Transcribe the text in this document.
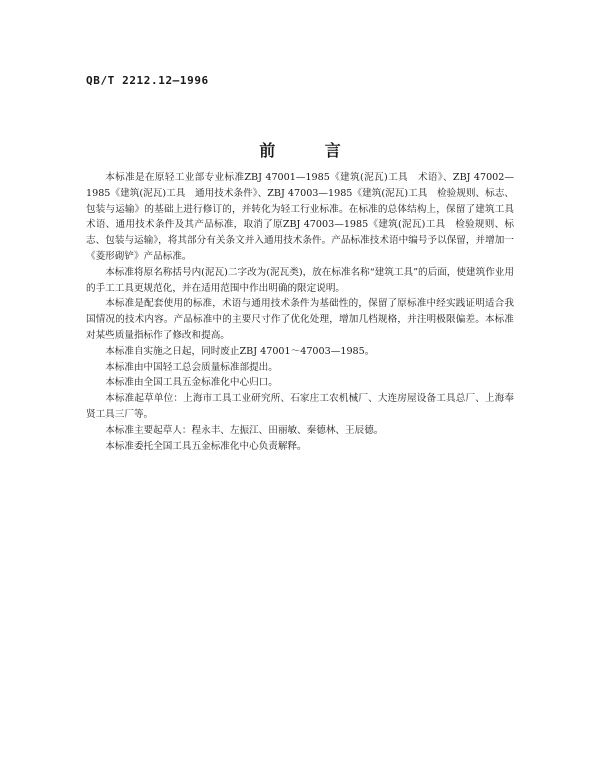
QB/T 2212.12—1996
前 言

本标准是在原轻工业部专业标准ZBJ 47001—1985《建筑(泥瓦)工具　术语》、ZBJ 47002—1985《建筑(泥瓦)工具　通用技术条件》、ZBJ 47003—1985《建筑(泥瓦)工具　检验规则、标志、包装与运输》的基础上进行修订的，并转化为轻工行业标准。在标准的总体结构上，保留了建筑工具术语、通用技术条件及其产品标准，取消了原ZBJ 47003—1985《建筑(泥瓦)工具　检验规则、标志、包装与运输》，将其部分有关条文并入通用技术条件。产品标准技术语中编号予以保留，并增加一《菱形砌铲》产品标准。

本标准将原名称括号内(泥瓦)二字改为(泥瓦类)，放在标准名称“建筑工具”的后面，使建筑作业用的手工工具更规范化，并在适用范围中作出明确的限定说明。

本标准是配套使用的标准，术语与通用技术条件为基础性的，保留了原标准中经实践证明适合我国情况的技术内容。产品标准中的主要尺寸作了优化处理，增加几档规格，并注明极限偏差。本标准对某些质量指标作了修改和提高。

本标准自实施之日起，同时废止ZBJ 47001～47003—1985。

本标准由中国轻工总会质量标准部提出。

本标准由全国工具五金标准化中心归口。

本标准起草单位：上海市工具工业研究所、石家庄工农机械厂、大连房屋设备工具总厂、上海奉贤工具三厂等。

本标准主要起草人：程永丰、左振江、田丽敏、秦德林、王辰德。

本标准委托全国工具五金标准化中心负责解释。
